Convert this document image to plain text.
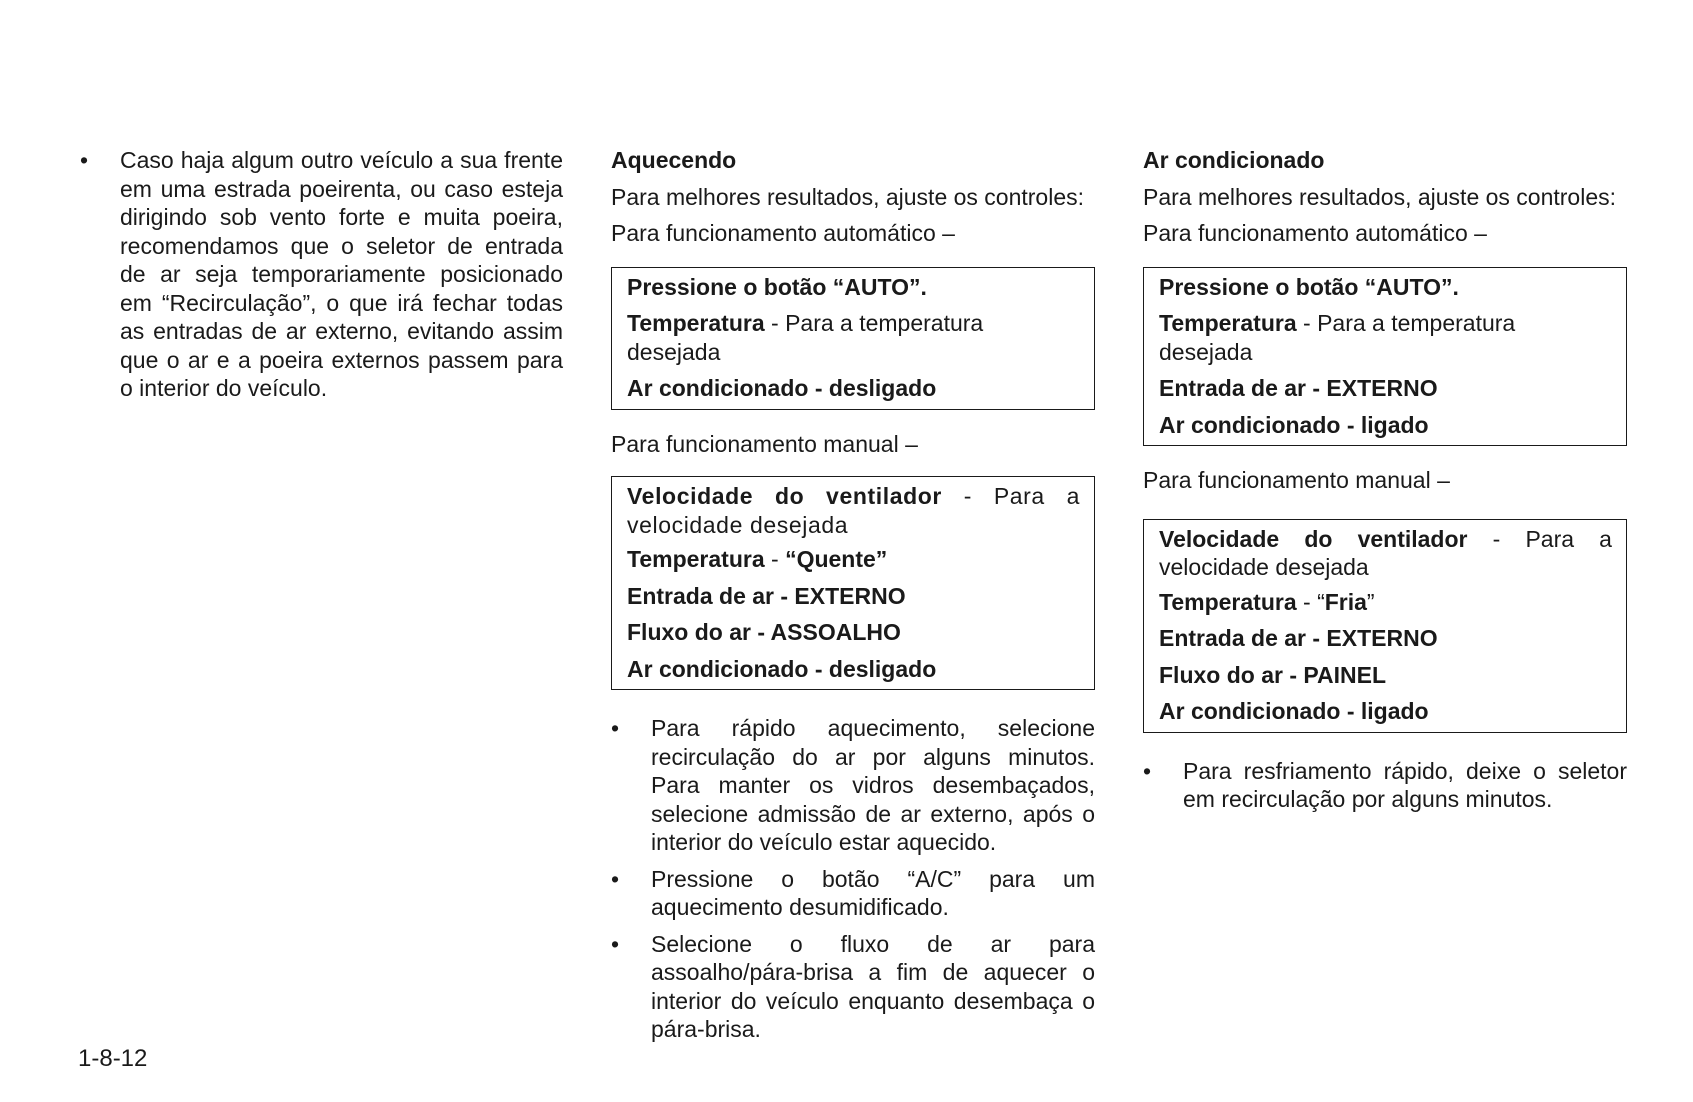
• Caso haja algum outro veículo a sua frente em uma estrada poeirenta, ou caso esteja dirigindo sob vento forte e muita poeira, recomendamos que o seletor de entrada de ar seja temporariamente posicionado em “Recirculação”, o que irá fechar todas as entradas de ar externo, evitando assim que o ar e a poeira externos passem para o interior do veículo.

Aquecendo

Para melhores resultados, ajuste os controles:

Para funcionamento automático –

Pressione o botão “AUTO”.
Temperatura - Para a temperatura desejada
Ar condicionado - desligado

Para funcionamento manual –

Velocidade do ventilador - Para a velocidade desejada
Temperatura - “Quente”
Entrada de ar - EXTERNO
Fluxo do ar - ASSOALHO
Ar condicionado - desligado
• Para rápido aquecimento, selecione recirculação do ar por alguns minutos. Para manter os vidros desembaçados, selecione admissão de ar externo, após o interior do veículo estar aquecido.
• Pressione o botão “A/C” para um aquecimento desumidificado.
• Selecione o fluxo de ar para assoalho/pára-brisa a fim de aquecer o interior do veículo enquanto desembaça o pára-brisa.

Ar condicionado

Para melhores resultados, ajuste os controles:

Para funcionamento automático –

Pressione o botão “AUTO”.
Temperatura - Para a temperatura desejada
Entrada de ar - EXTERNO
Ar condicionado - ligado

Para funcionamento manual –

Velocidade do ventilador - Para a velocidade desejada
Temperatura - “Fria”
Entrada de ar - EXTERNO
Fluxo do ar - PAINEL
Ar condicionado - ligado
• Para resfriamento rápido, deixe o seletor em recirculação por alguns minutos.
1-8-12
